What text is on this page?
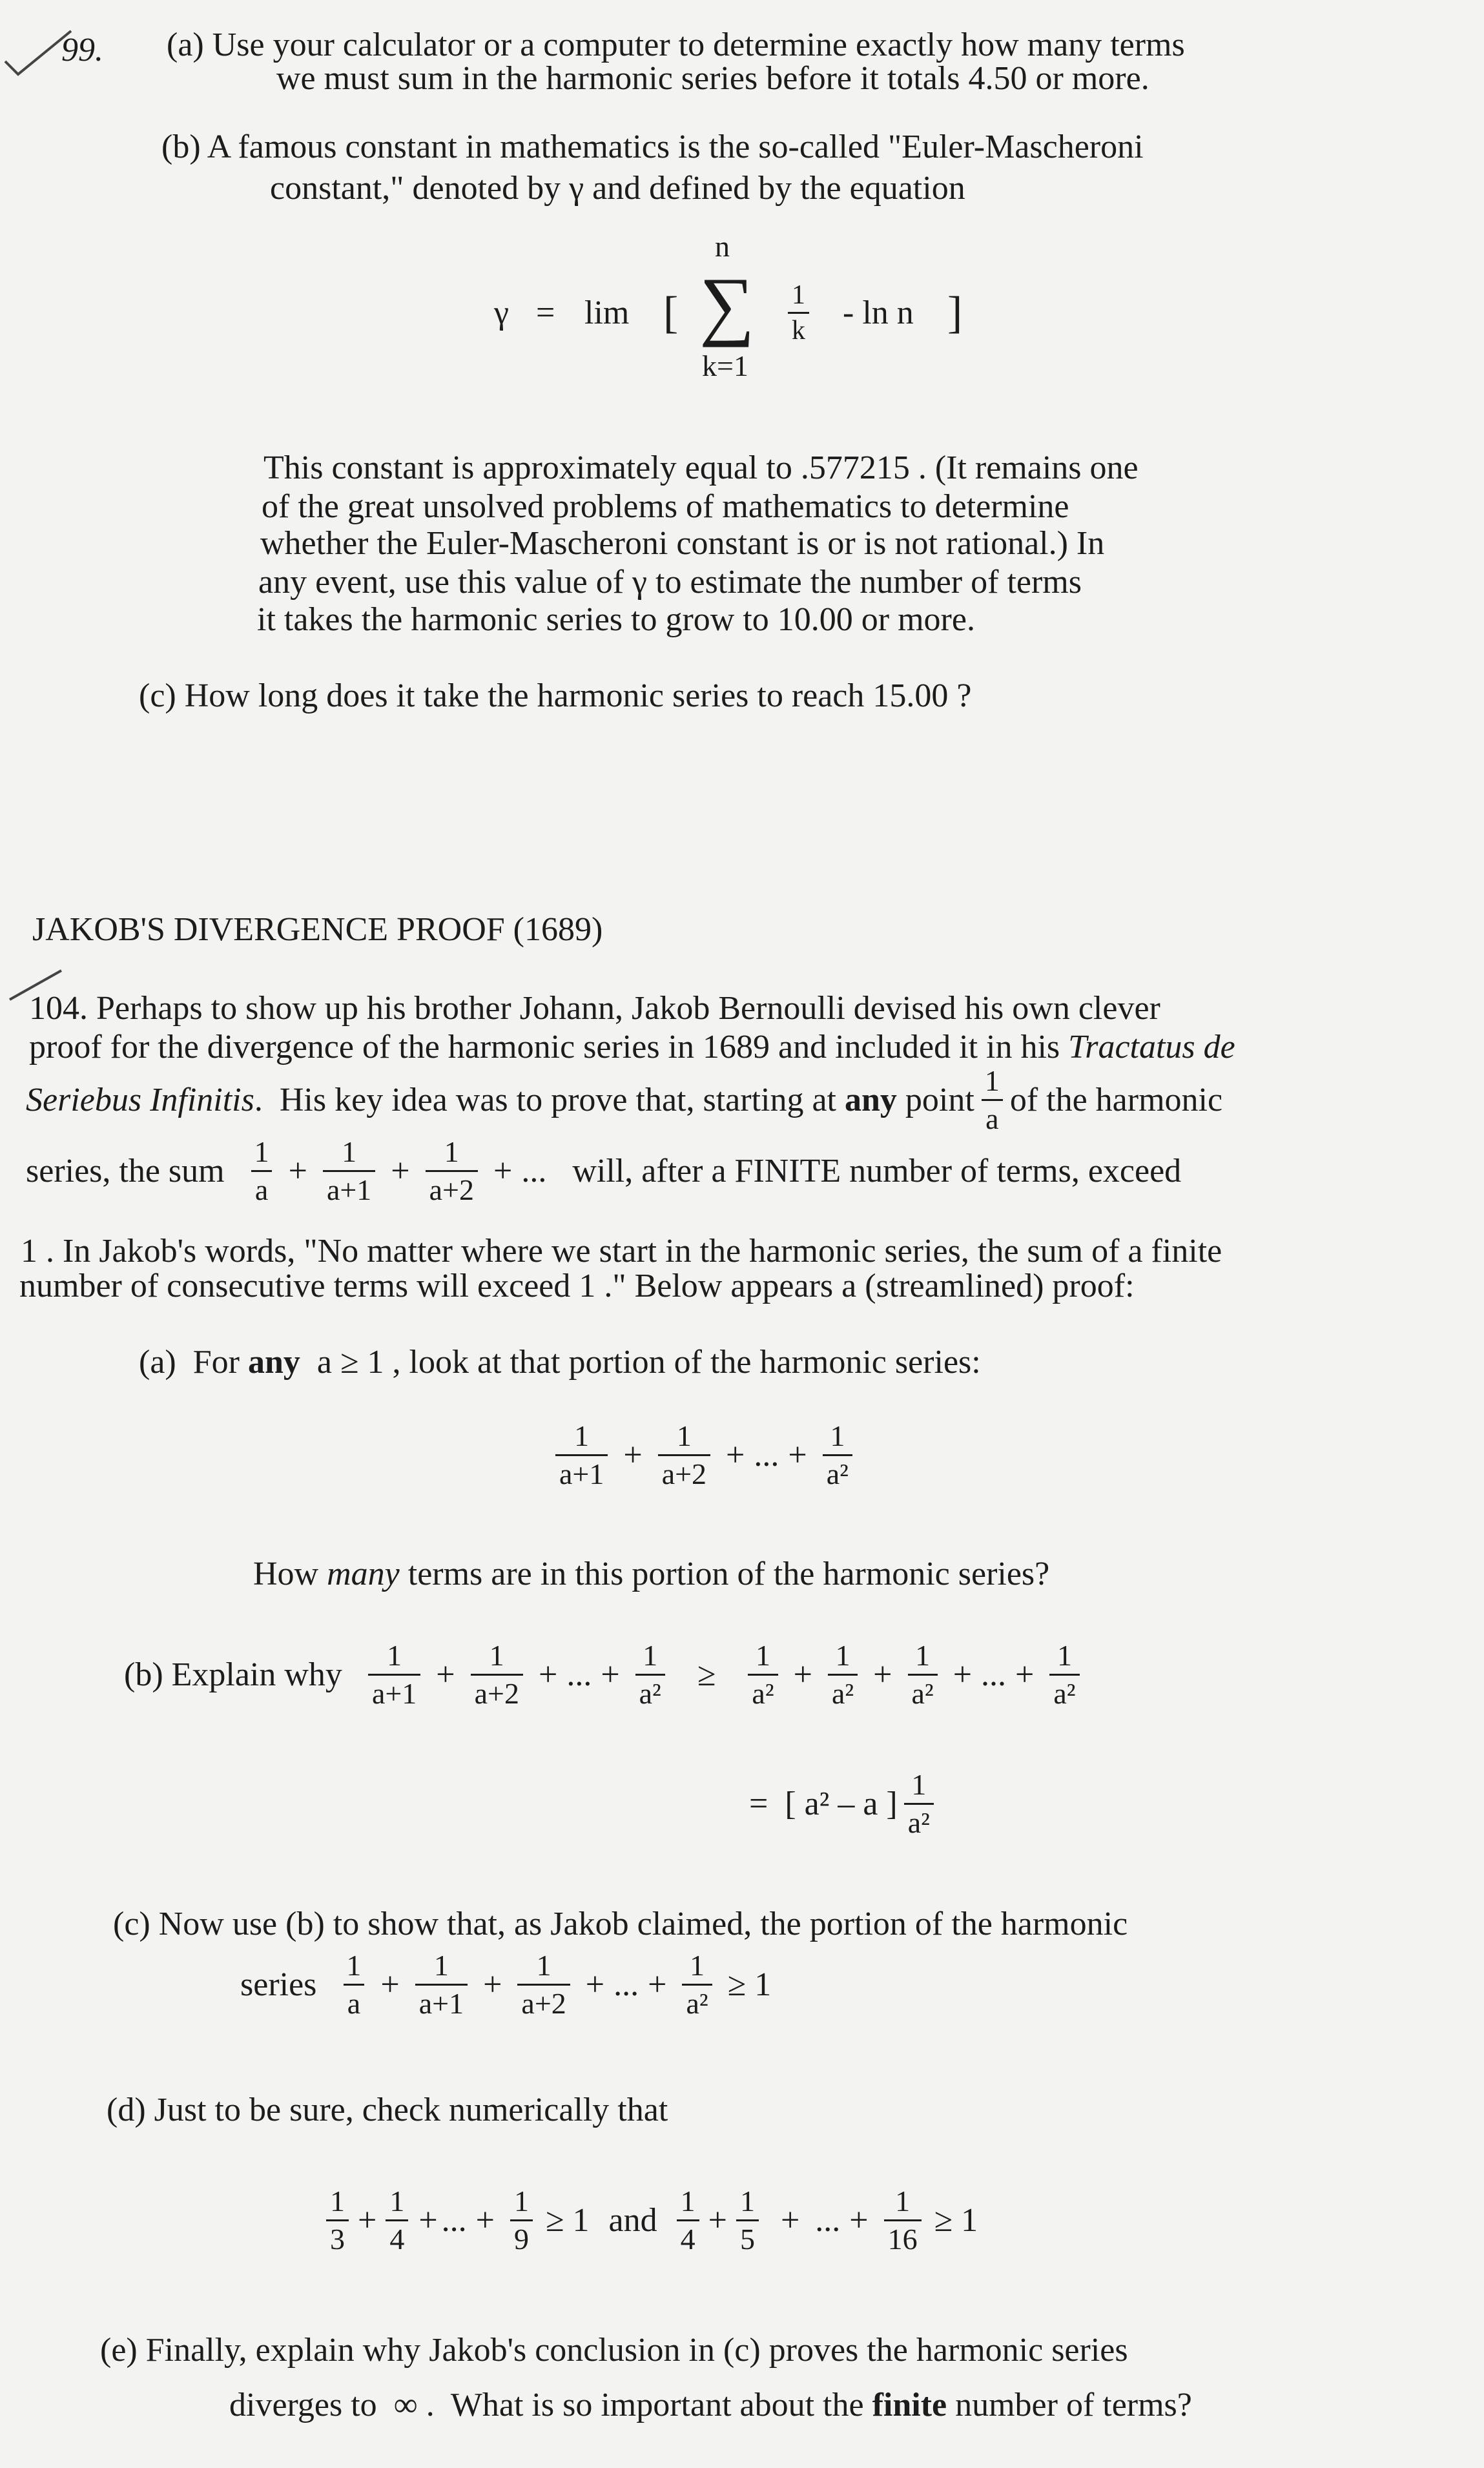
99. (a) Use your calculator or a computer to determine exactly how many terms
we must sum in the harmonic series before it totals 4.50 or more.
(b) A famous constant in mathematics is the so-called "Euler-Mascheroni
constant," denoted by γ and defined by the equation
γ = lim [
n
∑
k=1
$\frac{1}{k}$ - ln n ]
This constant is approximately equal to .577215 . (It remains one
of the great unsolved problems of mathematics to determine
whether the Euler-Mascheroni constant is or is not rational.) In
any event, use this value of γ to estimate the number of terms
it takes the harmonic series to grow to 10.00 or more.
(c) How long does it take the harmonic series to reach 15.00 ?
JAKOB'S DIVERGENCE PROOF (1689)
104. Perhaps to show up his brother Johann, Jakob Bernoulli devised his own clever
proof for the divergence of the harmonic series in 1689 and included it in his Tractatus de
Seriebus Infinitis .  His key idea was to prove that, starting at any point $\frac{1}{a}$ of the harmonic
series, the sum $\frac{1}{a} + \frac{1}{a+1} + \frac{1}{a+2}$ + ... will, after a FINITE number of terms, exceed
1 . In Jakob's words, "No matter where we start in the harmonic series, the sum of a finite
number of consecutive terms will exceed 1 ." Below appears a (streamlined) proof:
(a)  For any  a ≥ 1 , look at that portion of the harmonic series:
$\frac{1}{a+1} + \frac{1}{a+2}$ + ... + $\frac{1}{\text{a²}}$
How many terms are in this portion of the harmonic series?
(b) Explain why $\frac{1}{a+1} + \frac{1}{a+2}$ + ... + $\frac{1}{\text{a²}} \ge \frac{1}{\text{a²}} + \frac{1}{\text{a²}} + \frac{1}{\text{a²}}$ + ... + $\frac{1}{\text{a²}}$
=  [ a² – a ] $\frac{1}{\text{a²}}$
(c) Now use (b) to show that, as Jakob claimed, the portion of the harmonic
series $\frac{1}{a} + \frac{1}{a+1} + \frac{1}{a+2}$ + ... + $\frac{1}{\text{a²}} \ge 1$
(d) Just to be sure, check numerically that
$\frac{1}{3} + \frac{1}{4}$ + ... + $\frac{1}{9} \ge 1$ and $\frac{1}{4} + \frac{1}{5}$ + ... + $\frac{1}{16} \ge 1$
(e) Finally, explain why Jakob's conclusion in (c) proves the harmonic series
diverges to  ∞ .  What is so important about the finite number of terms?
